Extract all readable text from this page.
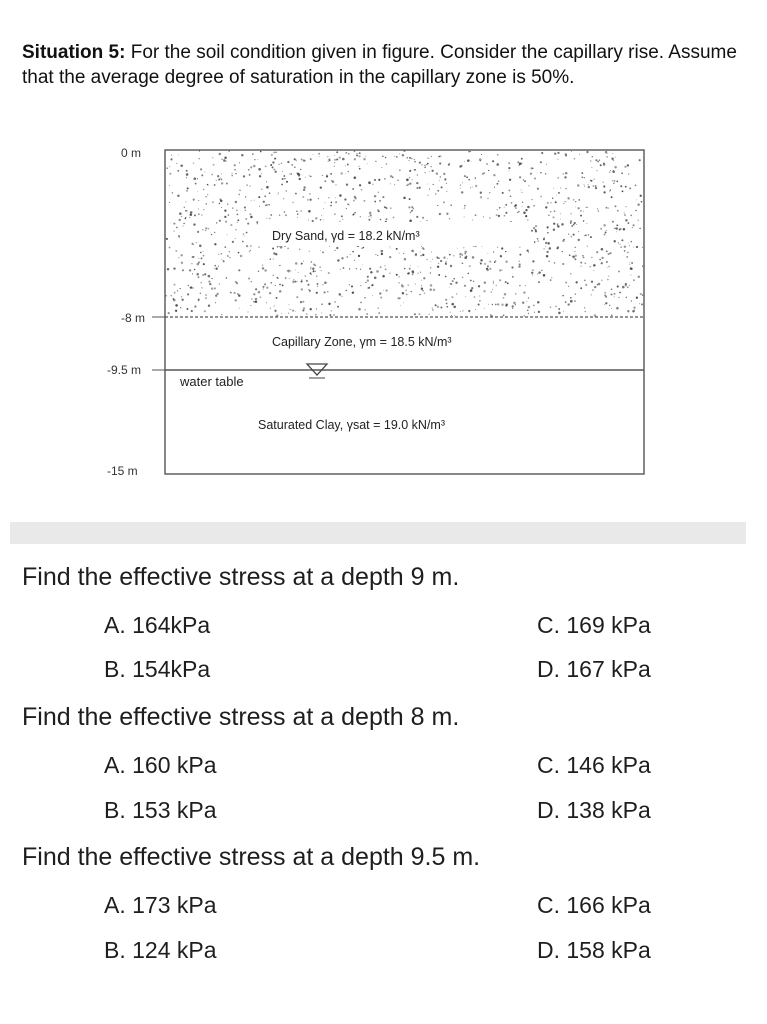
Situation 5: For the soil condition given in figure. Consider the capillary rise. Assume that the average degree of saturation in the capillary zone is 50%.
0 m
-8 m
-9.5 m
-15 m
Dry Sand, γd = 18.2 kN/m³
Capillary Zone, γm = 18.5 kN/m³
water table
Saturated Clay, γsat = 19.0 kN/m³
Find the effective stress at a depth 9 m.
A. 164kPa	C. 169 kPa
B. 154kPa	D. 167 kPa
Find the effective stress at a depth 8 m.
A. 160 kPa	C. 146 kPa
B. 153 kPa	D. 138 kPa
Find the effective stress at a depth 9.5 m.
A. 173 kPa	C. 166 kPa
B. 124 kPa	D. 158 kPa
